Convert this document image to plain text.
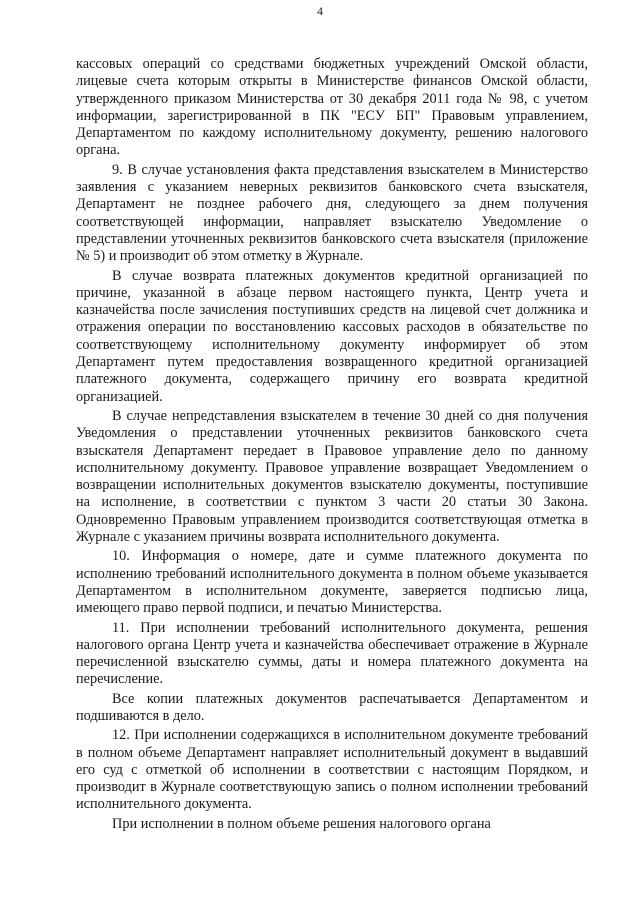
4

кассовых операций со средствами бюджетных учреждений Омской области, лицевые счета которым открыты в Министерстве финансов Омской области, утвержденного приказом Министерства от 30 декабря 2011 года № 98, с учетом информации, зарегистрированной в ПК "ЕСУ БП" Правовым управлением, Департаментом по каждому исполнительному документу, решению налогового органа.

9. В случае установления факта представления взыскателем в Министерство заявления с указанием неверных реквизитов банковского счета взыскателя, Департамент не позднее рабочего дня, следующего за днем получения соответствующей информации, направляет взыскателю Уведомление о представлении уточненных реквизитов банковского счета взыскателя (приложение № 5) и производит об этом отметку в Журнале.

В случае возврата платежных документов кредитной организацией по причине, указанной в абзаце первом настоящего пункта, Центр учета и казначейства после зачисления поступивших средств на лицевой счет должника и отражения операции по восстановлению кассовых расходов в обязательстве по соответствующему исполнительному документу информирует об этом Департамент путем предоставления возвращенного кредитной организацией платежного документа, содержащего причину его возврата кредитной организацией.

В случае непредставления взыскателем в течение 30 дней со дня получения Уведомления о представлении уточненных реквизитов банковского счета взыскателя Департамент передает в Правовое управление дело по данному исполнительному документу. Правовое управление возвращает Уведомлением о возвращении исполнительных документов взыскателю документы, поступившие на исполнение, в соответствии с пунктом 3 части 20 статьи 30 Закона. Одновременно Правовым управлением производится соответствующая отметка в Журнале с указанием причины возврата исполнительного документа.

10. Информация о номере, дате и сумме платежного документа по исполнению требований исполнительного документа в полном объеме указывается Департаментом в исполнительном документе, заверяется подписью лица, имеющего право первой подписи, и печатью Министерства.

11. При исполнении требований исполнительного документа, решения налогового органа Центр учета и казначейства обеспечивает отражение в Журнале перечисленной взыскателю суммы, даты и номера платежного документа на перечисление.

Все копии платежных документов распечатывается Департаментом и подшиваются в дело.

12. При исполнении содержащихся в исполнительном документе требований в полном объеме Департамент направляет исполнительный документ в выдавший его суд с отметкой об исполнении в соответствии с настоящим Порядком, и производит в Журнале соответствующую запись о полном исполнении требований исполнительного документа.

При исполнении в полном объеме решения налогового органа
